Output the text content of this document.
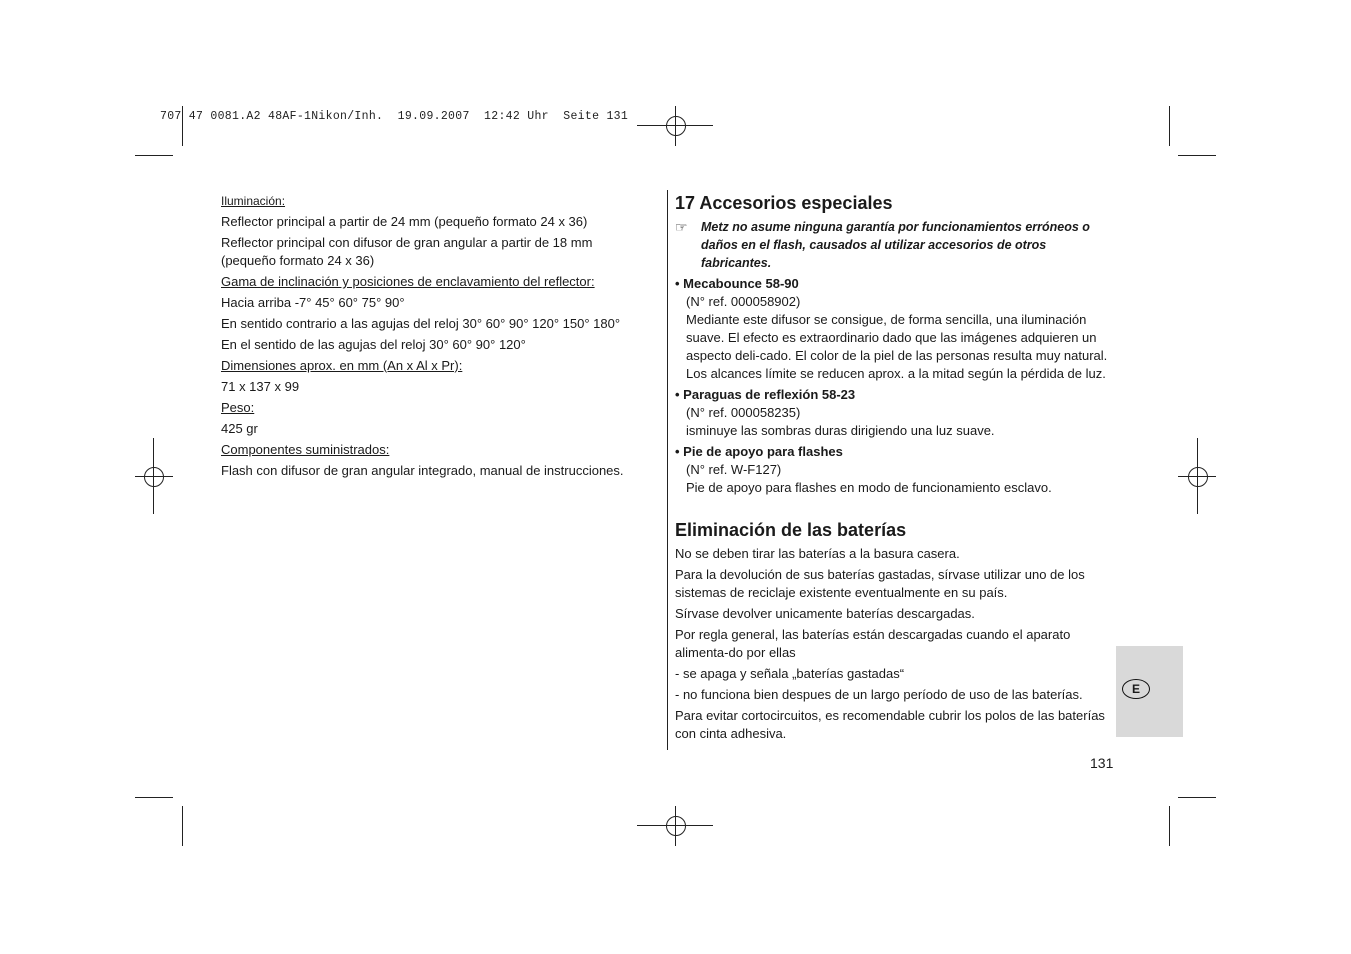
707 47 0081.A2 48AF-1Nikon/Inh.  19.09.2007  12:42 Uhr  Seite 131

Iluminación:

Reflector principal a partir de 24 mm (pequeño formato 24 x 36)

Reflector principal con difusor de gran angular a partir de 18 mm (pequeño formato 24 x 36)

Gama de inclinación y posiciones de enclavamiento del reflector:

Hacia arriba -7° 45° 60° 75° 90°

En sentido contrario a las agujas del reloj 30° 60° 90° 120° 150° 180°

En el sentido de las agujas del reloj 30° 60° 90° 120°

Dimensiones aprox. en mm (An x Al x Pr):

71 x 137 x 99

Peso:

425 gr

Componentes suministrados:

Flash con difusor de gran angular integrado, manual de instrucciones.

17 Accesorios especiales

☞	Metz no asume ninguna garantía por funcionamientos erróneos o daños en el flash, causados al utilizar accesorios de otros fabricantes.

• Mecabounce 58-90

(N° ref. 000058902)

Mediante este difusor se consigue, de forma sencilla, una iluminación suave. El efecto es extraordinario dado que las imágenes adquieren un aspecto deli-cado. El color de la piel de las personas resulta muy natural. Los alcances límite se reducen aprox. a la mitad según la pérdida de luz.

• Paraguas de reflexión 58-23

(N° ref. 000058235)

isminuye las sombras duras dirigiendo una luz suave.

• Pie de apoyo para flashes

(N° ref. W-F127)

Pie de apoyo para flashes en modo de funcionamiento esclavo.

Eliminación de las baterías

No se deben tirar las baterías a la basura casera.

Para la devolución de sus baterías gastadas, sírvase utilizar uno de los sistemas de reciclaje existente eventualmente en su país.

Sírvase devolver unicamente baterías descargadas.

Por regla general, las baterías están descargadas cuando el aparato alimenta-do por ellas

- se apaga y señala „baterías gastadas“

- no funciona bien despues de un largo período de uso de las baterías.

Para evitar cortocircuitos, es recomendable cubrir los polos de las baterías con cinta adhesiva.

E
131
